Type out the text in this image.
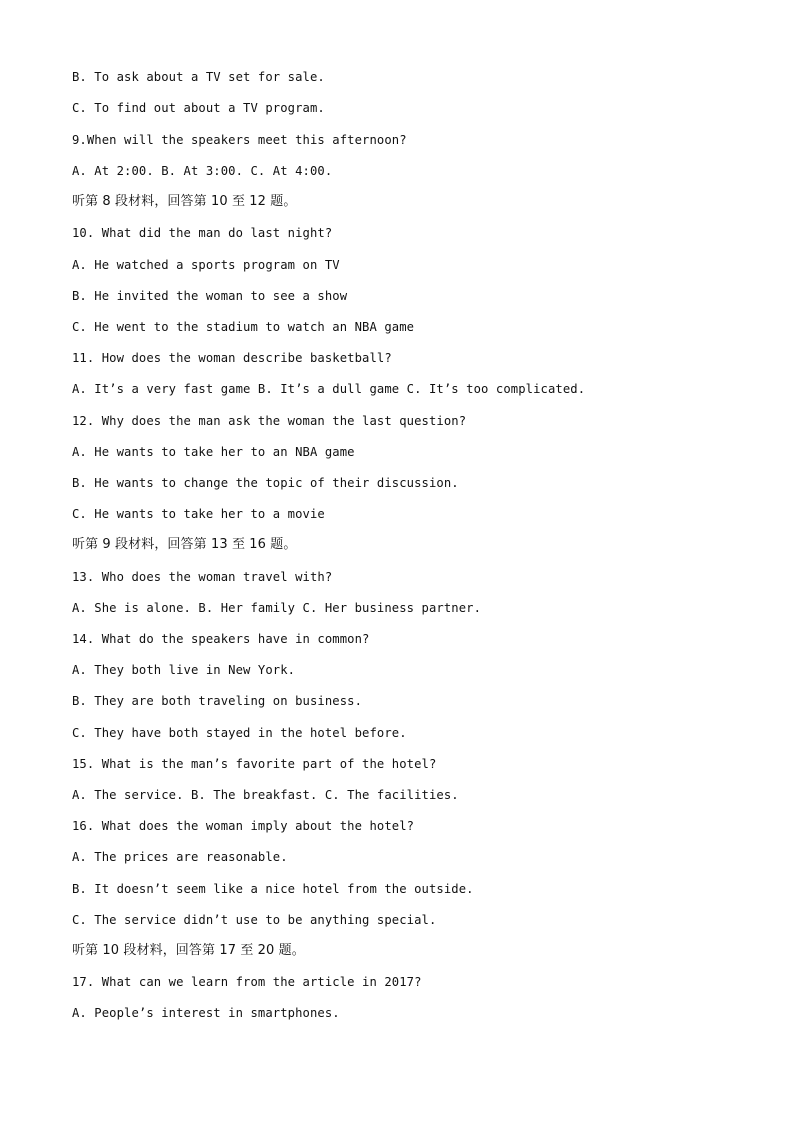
B. To ask about a TV set for sale.
C. To find out about a TV program.
9.When will the speakers meet this afternoon?
A. At 2:00. B. At 3:00. C. At 4:00.
听第 8 段材料，回答第 10 至 12 题。
10. What did the man do last night?
A. He watched a sports program on TV
B. He invited the woman to see a show
C. He went to the stadium to watch an NBA game
11. How does the woman describe basketball?
A. It’s a very fast game B. It’s a dull game C. It’s too complicated.
12. Why does the man ask the woman the last question?
A. He wants to take her to an NBA game
B. He wants to change the topic of their discussion.
C. He wants to take her to a movie
听第 9 段材料，回答第 13 至 16 题。
13. Who does the woman travel with?
A. She is alone. B. Her family C. Her business partner.
14. What do the speakers have in common?
A. They both live in New York.
B. They are both traveling on business.
C. They have both stayed in the hotel before.
15. What is the man’s favorite part of the hotel?
A. The service. B. The breakfast. C. The facilities.
16. What does the woman imply about the hotel?
A. The prices are reasonable.
B. It doesn’t seem like a nice hotel from the outside.
C. The service didn’t use to be anything special.
听第 10 段材料，回答第 17 至 20 题。
17. What can we learn from the article in 2017?
A. People’s interest in smartphones.
